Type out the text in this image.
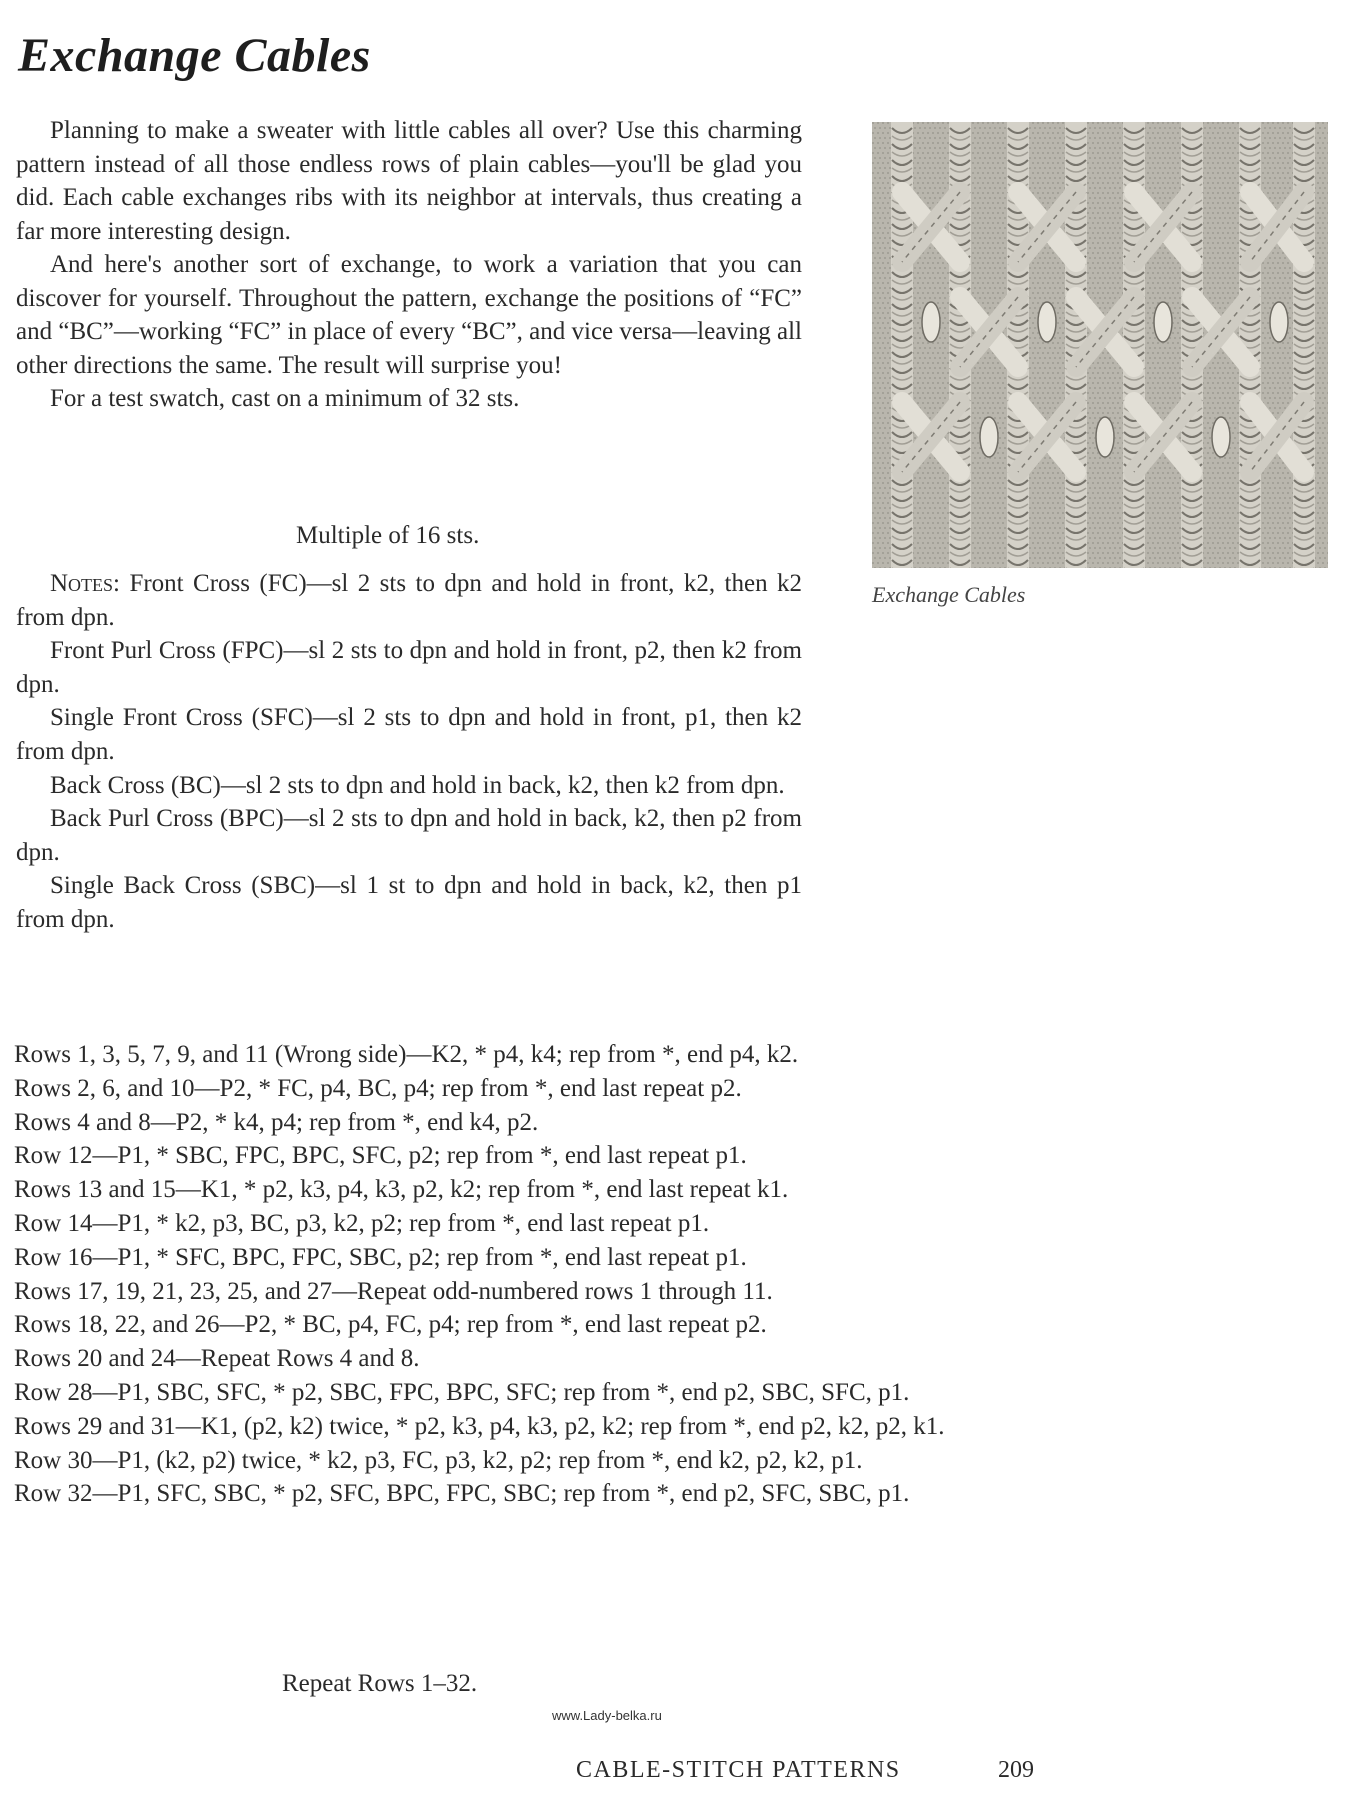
Exchange Cables

Planning to make a sweater with little cables all over? Use this charming pattern instead of all those endless rows of plain cables—you'll be glad you did. Each cable exchanges ribs with its neighbor at intervals, thus creating a far more interesting design.

And here's another sort of exchange, to work a variation that you can discover for yourself. Throughout the pattern, exchange the positions of “FC” and “BC”—working “FC” in place of every “BC”, and vice versa—leaving all other directions the same. The result will surprise you!

For a test swatch, cast on a minimum of 32 sts.

Exchange Cables
Multiple of 16 sts.

Notes: Front Cross (FC)—sl 2 sts to dpn and hold in front, k2, then k2 from dpn.

Front Purl Cross (FPC)—sl 2 sts to dpn and hold in front, p2, then k2 from dpn.

Single Front Cross (SFC)—sl 2 sts to dpn and hold in front, p1, then k2 from dpn.

Back Cross (BC)—sl 2 sts to dpn and hold in back, k2, then k2 from dpn.

Back Purl Cross (BPC)—sl 2 sts to dpn and hold in back, k2, then p2 from dpn.

Single Back Cross (SBC)—sl 1 st to dpn and hold in back, k2, then p1 from dpn.

Rows 1, 3, 5, 7, 9, and 11 (Wrong side)—K2, * p4, k4; rep from *, end p4, k2.
Rows 2, 6, and 10—P2, * FC, p4, BC, p4; rep from *, end last repeat p2.
Rows 4 and 8—P2, * k4, p4; rep from *, end k4, p2.
Row 12—P1, * SBC, FPC, BPC, SFC, p2; rep from *, end last repeat p1.
Rows 13 and 15—K1, * p2, k3, p4, k3, p2, k2; rep from *, end last repeat k1.
Row 14—P1, * k2, p3, BC, p3, k2, p2; rep from *, end last repeat p1.
Row 16—P1, * SFC, BPC, FPC, SBC, p2; rep from *, end last repeat p1.
Rows 17, 19, 21, 23, 25, and 27—Repeat odd-numbered rows 1 through 11.
Rows 18, 22, and 26—P2, * BC, p4, FC, p4; rep from *, end last repeat p2.
Rows 20 and 24—Repeat Rows 4 and 8.
Row 28—P1, SBC, SFC, * p2, SBC, FPC, BPC, SFC; rep from *, end p2, SBC, SFC, p1.
Rows 29 and 31—K1, (p2, k2) twice, * p2, k3, p4, k3, p2, k2; rep from *, end p2, k2, p2, k1.
Row 30—P1, (k2, p2) twice, * k2, p3, FC, p3, k2, p2; rep from *, end k2, p2, k2, p1.
Row 32—P1, SFC, SBC, * p2, SFC, BPC, FPC, SBC; rep from *, end p2, SFC, SBC, p1.
Repeat Rows 1–32.
www.Lady-belka.ru
CABLE-STITCH PATTERNS	209
